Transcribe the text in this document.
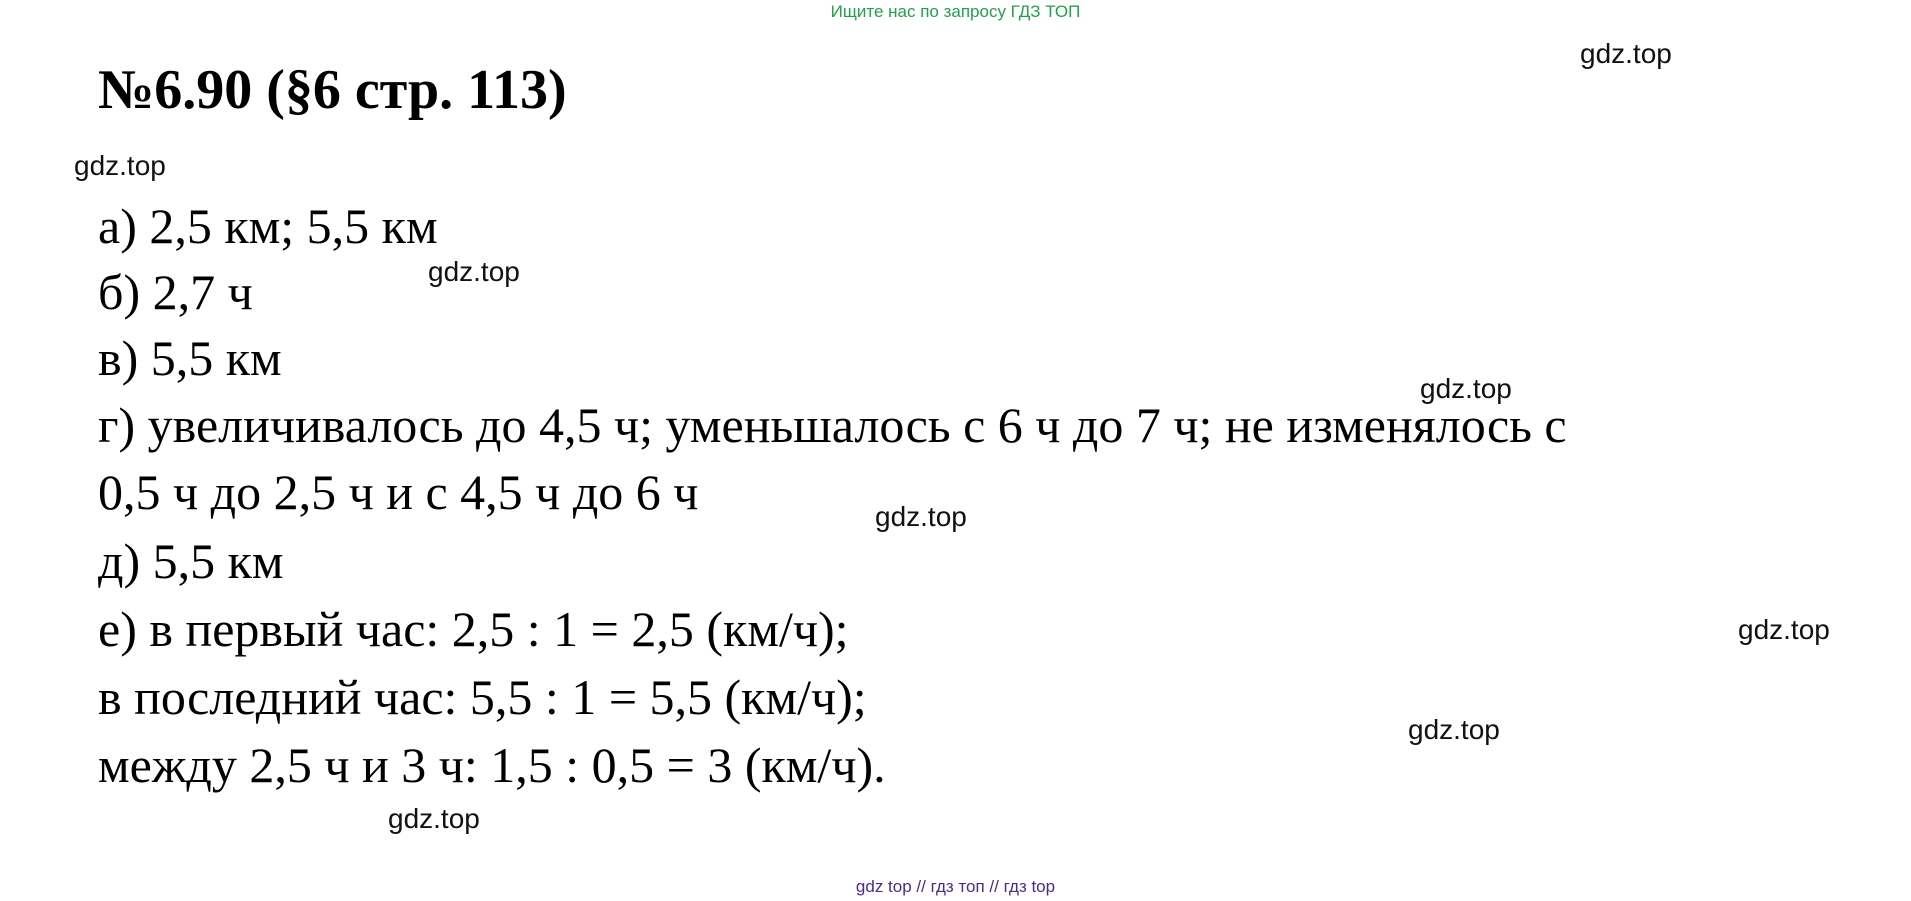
Ищите нас по запросу ГДЗ ТОП
№6.90 (§6 стр. 113)
а) 2,5 км; 5,5 км
б) 2,7 ч
в) 5,5 км
г) увеличивалось до 4,5 ч; уменьшалось с 6 ч до 7 ч; не изменялось с
0,5 ч до 2,5 ч и с 4,5 ч до 6 ч
д) 5,5 км
е) в первый час: 2,5 : 1 = 2,5 (км/ч);
в последний час: 5,5 : 1 = 5,5 (км/ч);
между 2,5 ч и 3 ч: 1,5 : 0,5 = 3 (км/ч).
gdz.top
gdz.top
gdz.top
gdz.top
gdz.top
gdz.top
gdz.top
gdz.top
gdz top // гдз топ // гдз top
